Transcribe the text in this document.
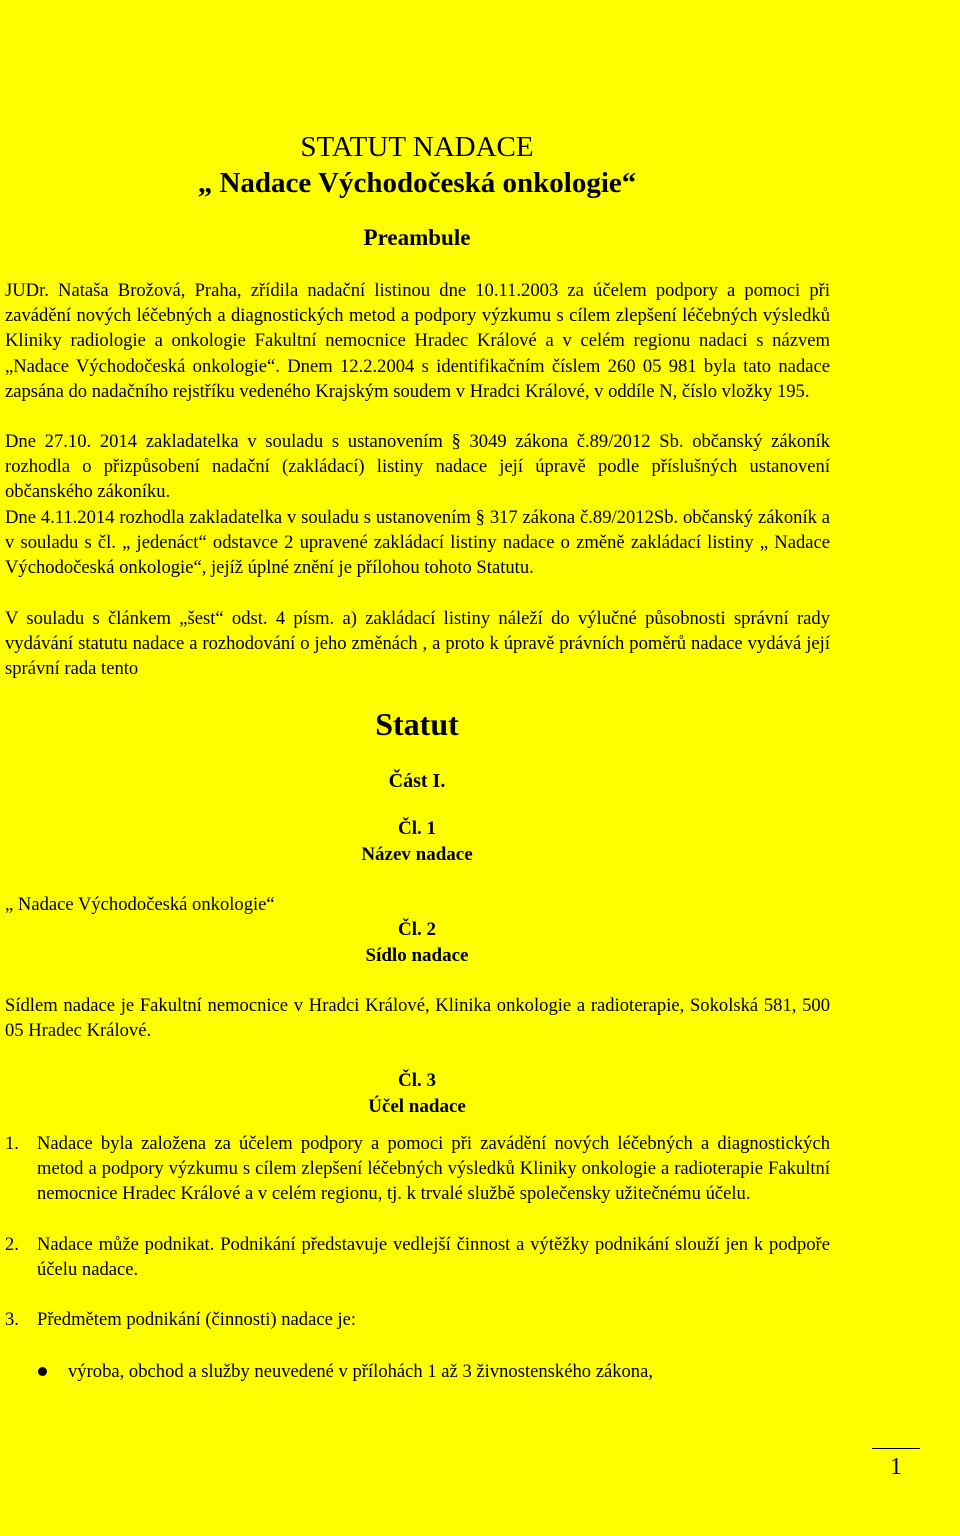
STATUT NADACE
„ Nadace Východočeská onkologie“
Preambule

JUDr. Nataša Brožová, Praha, zřídila nadační listinou dne 10.11.2003 za účelem podpory a pomoci při zavádění nových léčebných a diagnostických metod a podpory výzkumu s cílem zlepšení léčebných výsledků Kliniky radiologie a onkologie Fakultní nemocnice Hradec Králové a v celém regionu nadaci s názvem „Nadace Východočeská onkologie“. Dnem 12.2.2004 s identifikačním číslem 260 05 981 byla tato nadace zapsána do nadačního rejstříku vedeného Krajským soudem v Hradci Králové, v oddíle N, číslo vložky 195.

Dne 27.10. 2014 zakladatelka v souladu s ustanovením § 3049 zákona č.89/2012 Sb. občanský zákoník rozhodla o přizpůsobení nadační (zakládací) listiny nadace její úpravě podle příslušných ustanovení občanského zákoníku.

Dne 4.11.2014 rozhodla zakladatelka v souladu s ustanovením § 317 zákona č.89/2012Sb. občanský zákoník a v souladu s čl. „ jedenáct“ odstavce 2 upravené zakládací listiny nadace o změně zakládací listiny „ Nadace Východočeská onkologie“, jejíž úplné znění je přílohou tohoto Statutu.

V souladu s článkem „šest“ odst. 4 písm. a) zakládací listiny náleží do výlučné působnosti správní rady vydávání statutu nadace a rozhodování o jeho změnách , a proto k úpravě právních poměrů nadace vydává její správní rada tento

Statut
Část I.
Čl. 1
Název nadace

„ Nadace Východočeská onkologie“

Čl. 2
Sídlo nadace

Sídlem nadace je Fakultní nemocnice v Hradci Králové, Klinika onkologie a radioterapie, Sokolská 581, 500 05 Hradec Králové.

Čl. 3
Účel nadace
1. Nadace byla založena za účelem podpory a pomoci při zavádění nových léčebných a diagnostických metod a podpory výzkumu s cílem zlepšení léčebných výsledků Kliniky onkologie a radioterapie Fakultní nemocnice Hradec Králové a v celém regionu, tj. k trvalé službě společensky užitečnému účelu.
2. Nadace může podnikat. Podnikání představuje vedlejší činnost a výtěžky podnikání slouží jen k podpoře účelu nadace.
3. Předmětem podnikání (činnosti) nadace je:
výroba, obchod a služby neuvedené v přílohách 1 až 3 živnostenského zákona,
1
